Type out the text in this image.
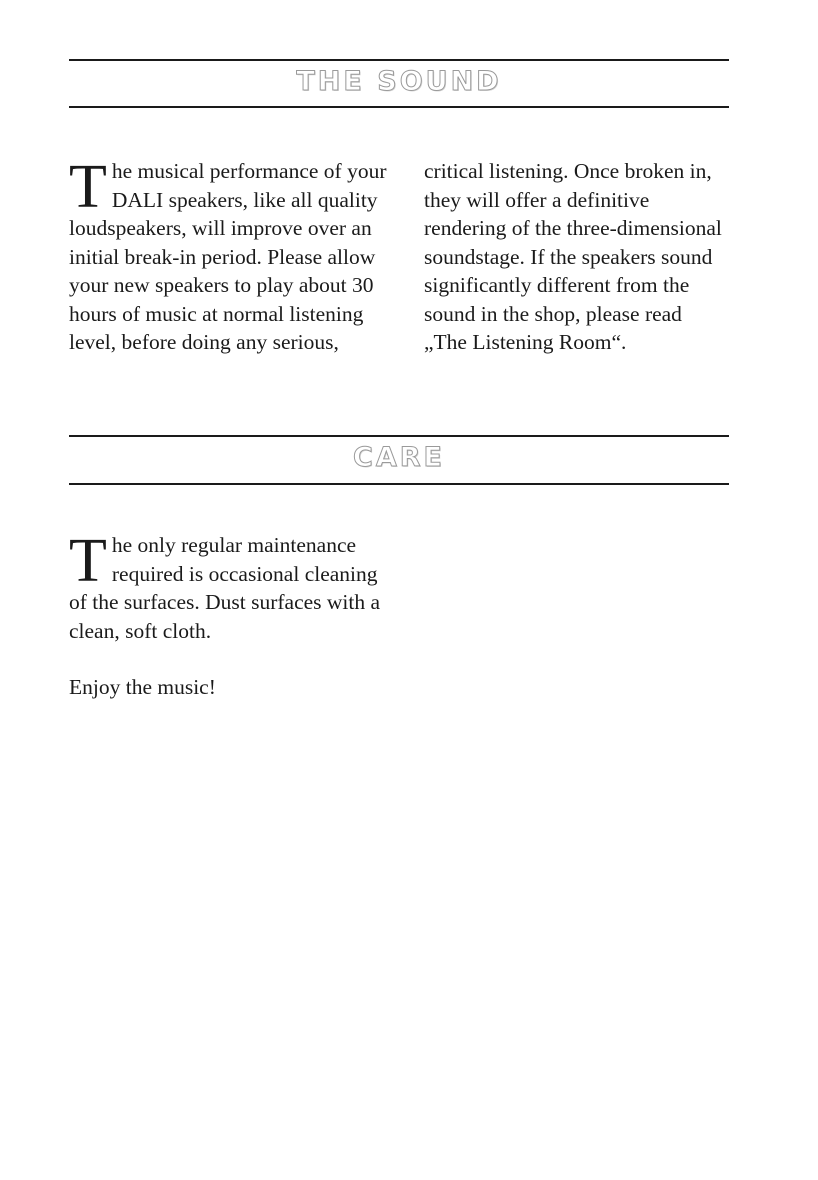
THE SOUND

The musical performance of your DALI speakers, like all quality loudspeakers, will improve over an initial break-in period. Please allow your new speakers to play about 30 hours of music at normal listening level, before doing any serious,

critical listening. Once broken in, they will offer a definitive rendering of the three-dimensional soundstage. If the speakers sound significantly different from the sound in the shop, please read „The Listening Room“.

CARE

The only regular maintenance required is occasional cleaning of the surfaces. Dust surfaces with a clean, soft cloth.

Enjoy the music!
